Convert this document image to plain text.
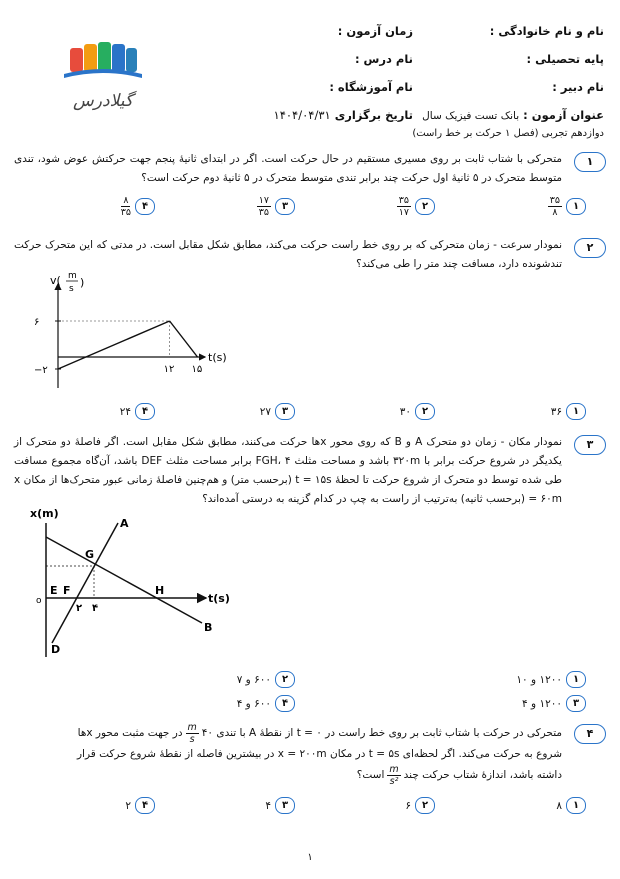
نام و نام خانوادگی :
زمان آزمون :
پایه تحصیلی :
نام درس :
نام دبیر :
نام آموزشگاه :
عنوان آزمون : بانک تست فیزیک سال
تاریخ برگزاری ۱۴۰۴/۰۴/۳۱
دوازدهم تجربی (فصل ۱ حرکت بر خط راست)
گیلادرس
۱
متحرکی با شتاب ثابت بر روی مسیری مستقیم در حال حرکت است. اگر در ابتدای ثانیهٔ پنجم جهت حرکتش عوض شود، تندی متوسط متحرک در ۵ ثانیهٔ اول حرکت چند برابر تندی متوسط متحرک در ۵ ثانیهٔ دوم حرکت است؟
۱
$\frac{۳۵}{۸}$
۲
$\frac{۳۵}{۱۷}$
۳
$\frac{۱۷}{۳۵}$
۴
$\frac{۸}{۳۵}$
۲
نمودار سرعت - زمان متحرکی که بر روی خط راست حرکت می‌کند، مطابق شکل مقابل است. در مدتی که این متحرک حرکت تندشونده دارد، مسافت چند متر را طی می‌کند؟
v( m
s )
t(s)
۶
−۲	۱۲ ۱۵
۱
۳۶
۲
۳۰
۳
۲۷
۴
۲۴
۳
نمودار مکان - زمان دو متحرک A و B که روی محور xها حرکت می‌کنند، مطابق شکل مقابل است. اگر فاصلهٔ دو متحرک از یکدیگر در شروع حرکت برابر با ۳۲۰m باشد و مساحت مثلث FGH، ۴ برابر مساحت مثلث DEF باشد، آن‌گاه مجموع مسافت طی شده توسط دو متحرک از شروع حرکت تا لحظهٔ t = ۱۵s (برحسب متر) و هم‌چنین فاصلهٔ زمانی عبور متحرک‌ها از مکان x = ۶۰m (برحسب ثانیه) به‌ترتیب از راست به چپ در کدام گزینه به درستی آمده‌اند؟
x(m)
t(s)
o
A
B
D
E F
G
H
۲ ۴
۱
۱۲۰۰ و ۱۰
۲
۶۰۰ و ۷
۳
۱۲۰۰ و ۴
۴
۶۰۰ و ۴
۴
متحرکی در حرکت با شتاب ثابت بر روی خط راست در t = ۰ از نقطهٔ A با تندی ۴۰
$\frac{m}{s}$
در جهت مثبت محور xها
شروع به حرکت می‌کند. اگر لحظه‌ای t = ۵s در مکان x = ۲۰۰m در بیشترین فاصله از نقطهٔ شروع حرکت قرار
داشته باشد، اندازهٔ شتاب حرکت چند
$\frac{m}{\text{s²}}$
است؟
۱
۸
۲
۶
۳
۴
۴
۲
۱
